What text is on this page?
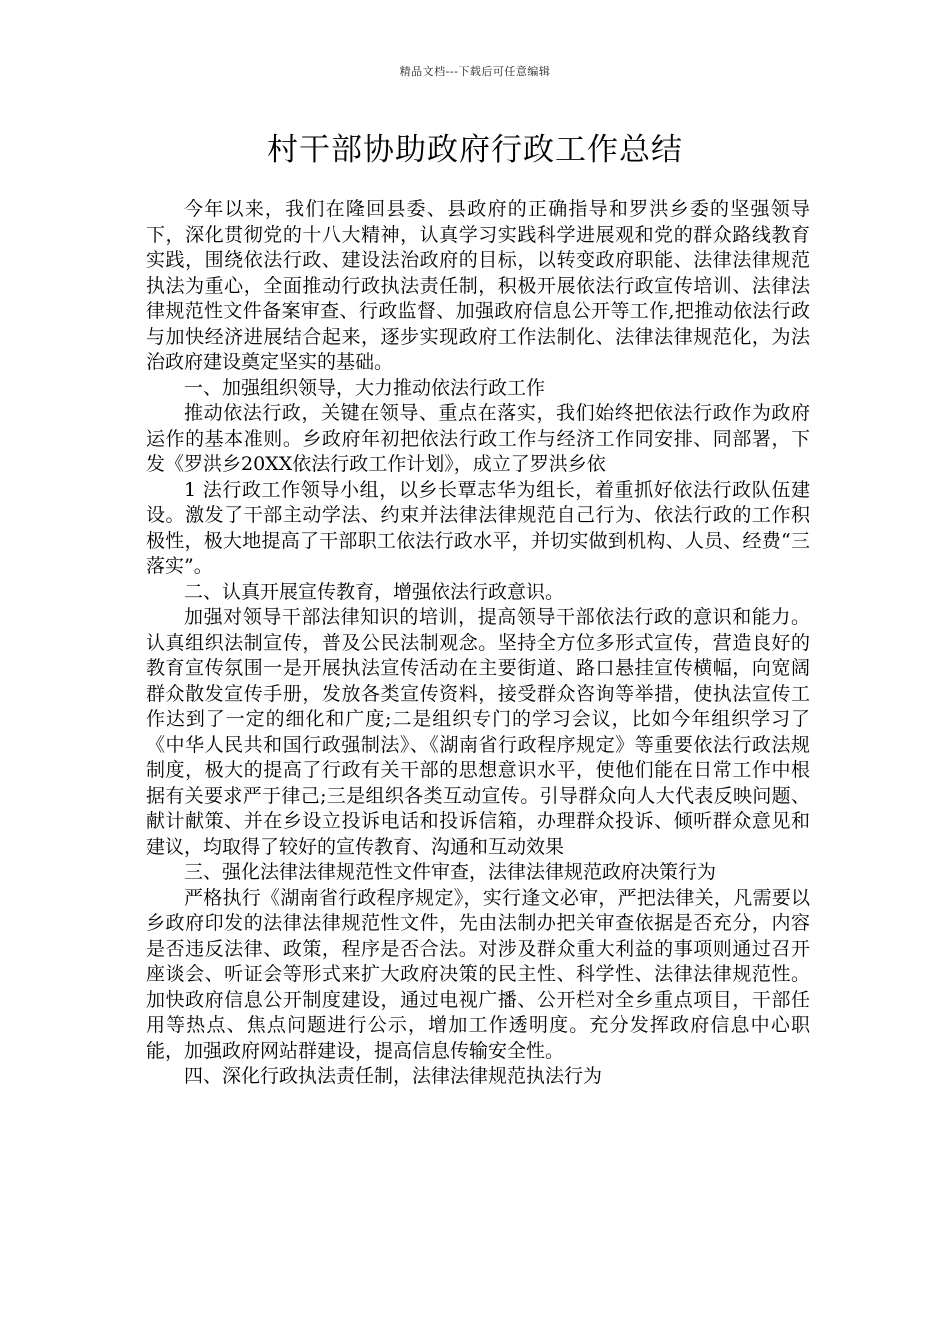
精品文档---下载后可任意编辑
村干部协助政府行政工作总结

今年以来，我们在隆回县委、县政府的正确指导和罗洪乡委的坚强领导下，深化贯彻党的十八大精神，认真学习实践科学进展观和党的群众路线教育实践，围绕依法行政、建设法治政府的目标，以转变政府职能、法律法律规范执法为重心，全面推动行政执法责任制，积极开展依法行政宣传培训、法律法律规范性文件备案审查、行政监督、加强政府信息公开等工作,把推动依法行政与加快经济进展结合起来，逐步实现政府工作法制化、法律法律规范化，为法治政府建设奠定坚实的基础。

一、加强组织领导，大力推动依法行政工作

推动依法行政，关键在领导、重点在落实，我们始终把依法行政作为政府运作的基本准则。乡政府年初把依法行政工作与经济工作同安排、同部署，下发《罗洪乡20XX依法行政工作计划》，成立了罗洪乡依

1 法行政工作领导小组，以乡长覃志华为组长，着重抓好依法行政队伍建设。激发了干部主动学法、约束并法律法律规范自己行为、依法行政的工作积极性，极大地提高了干部职工依法行政水平，并切实做到机构、人员、经费“三落实”。

二、认真开展宣传教育，增强依法行政意识。

加强对领导干部法律知识的培训，提高领导干部依法行政的意识和能力。认真组织法制宣传，普及公民法制观念。坚持全方位多形式宣传，营造良好的教育宣传氛围一是开展执法宣传活动在主要街道、路口悬挂宣传横幅，向宽阔群众散发宣传手册，发放各类宣传资料，接受群众咨询等举措，使执法宣传工作达到了一定的细化和广度;二是组织专门的学习会议，比如今年组织学习了《中华人民共和国行政强制法》、《湖南省行政程序规定》等重要依法行政法规制度，极大的提高了行政有关干部的思想意识水平，使他们能在日常工作中根据有关要求严于律己;三是组织各类互动宣传。引导群众向人大代表反映问题、献计献策、并在乡设立投诉电话和投诉信箱，办理群众投诉、倾听群众意见和建议，均取得了较好的宣传教育、沟通和互动效果

三、强化法律法律规范性文件审查，法律法律规范政府决策行为

严格执行《湖南省行政程序规定》，实行逢文必审，严把法律关，凡需要以乡政府印发的法律法律规范性文件，先由法制办把关审查依据是否充分，内容是否违反法律、政策，程序是否合法。对涉及群众重大利益的事项则通过召开座谈会、听证会等形式来扩大政府决策的民主性、科学性、法律法律规范性。加快政府信息公开制度建设，通过电视广播、公开栏对全乡重点项目，干部任用等热点、焦点问题进行公示，增加工作透明度。充分发挥政府信息中心职能，加强政府网站群建设，提高信息传输安全性。

四、深化行政执法责任制，法律法律规范执法行为
